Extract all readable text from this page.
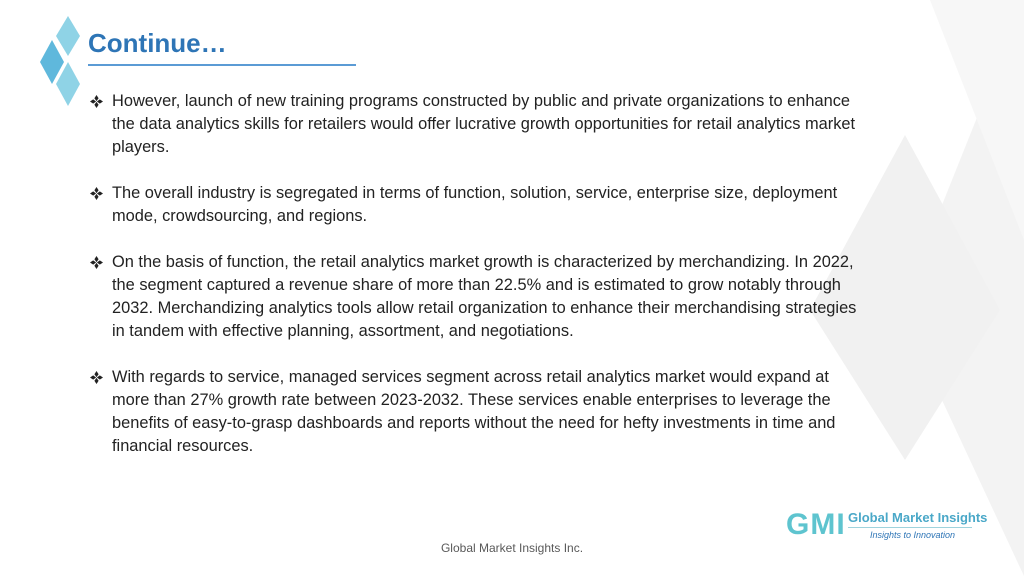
Continue…
However, launch of new training programs constructed by public and private organizations to enhance the data analytics skills for retailers would offer lucrative growth opportunities for retail analytics market players.
The overall industry is segregated in terms of function, solution, service, enterprise size, deployment mode, crowdsourcing, and regions.
On the basis of function, the retail analytics market growth is characterized by merchandizing. In 2022, the segment captured a revenue share of more than 22.5% and is estimated to grow notably through 2032. Merchandizing analytics tools allow retail organization to enhance their merchandising strategies in tandem with effective planning, assortment, and negotiations.
With regards to service, managed services segment across retail analytics market would expand at more than 27% growth rate between 2023-2032. These services enable enterprises to leverage the benefits of easy-to-grasp dashboards and reports without the need for hefty investments in time and financial resources.
GMI Global Market Insights
Insights to Innovation
Global Market Insights Inc.
